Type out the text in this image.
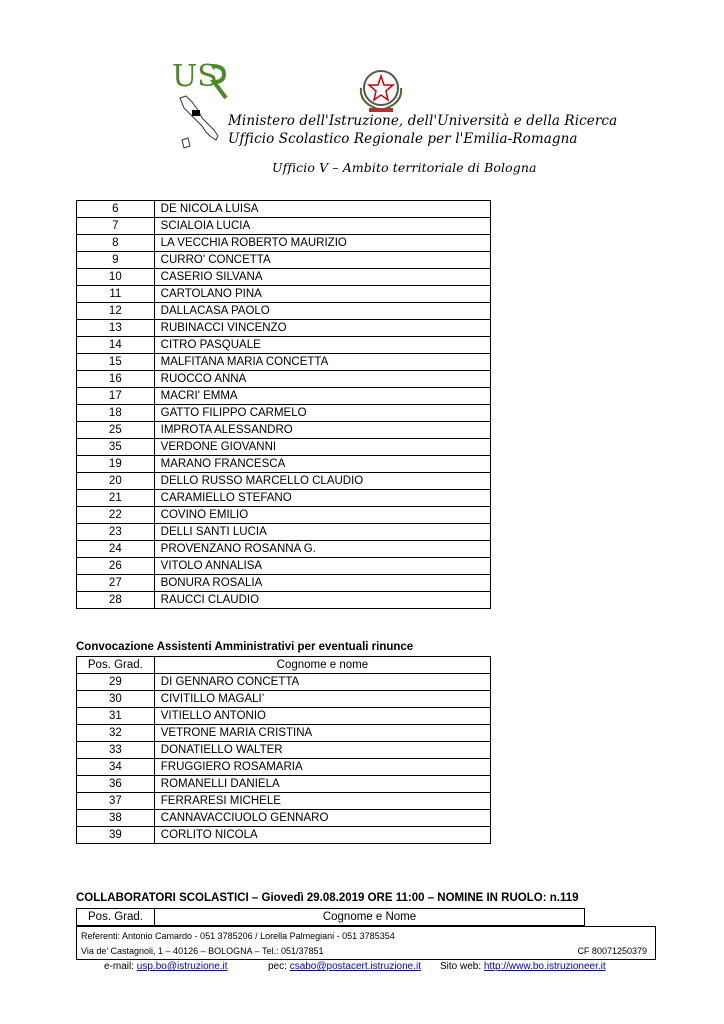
US
Ministero dell'Istruzione, dell'Università e della Ricerca
Ufficio Scolastico Regionale per l'Emilia-Romagna
Ufficio V – Ambito territoriale di Bologna
6	DE NICOLA LUISA
7	SCIALOIA LUCIA
8	LA VECCHIA ROBERTO MAURIZIO
9	CURRO' CONCETTA
10	CASERIO SILVANA
11	CARTOLANO PINA
12	DALLACASA PAOLO
13	RUBINACCI VINCENZO
14	CITRO PASQUALE
15	MALFITANA MARIA CONCETTA
16	RUOCCO ANNA
17	MACRI' EMMA
18	GATTO FILIPPO CARMELO
25	IMPROTA ALESSANDRO
35	VERDONE GIOVANNI
19	MARANO FRANCESCA
20	DELLO RUSSO MARCELLO CLAUDIO
21	CARAMIELLO STEFANO
22	COVINO EMILIO
23	DELLI SANTI LUCIA
24	PROVENZANO ROSANNA G.
26	VITOLO ANNALISA
27	BONURA ROSALIA
28	RAUCCI CLAUDIO
Convocazione Assistenti Amministrativi per eventuali rinunce
Pos. Grad.	Cognome e nome
29	DI GENNARO CONCETTA
30	CIVITILLO MAGALI’
31	VITIELLO ANTONIO
32	VETRONE MARIA CRISTINA
33	DONATIELLO WALTER
34	FRUGGIERO ROSAMARIA
36	ROMANELLI DANIELA
37	FERRARESI MICHELE
38	CANNAVACCIUOLO GENNARO
39	CORLITO NICOLA
COLLABORATORI SCOLASTICI – Giovedì 29.08.2019 ORE 11:00 – NOMINE IN RUOLO: n.119
Pos. Grad.	Cognome e Nome
Referenti: Antonio Camardo - 051 3785206 / Lorella Palmegiani - 051 3785354
Via de’ Castagnoli, 1 – 40126 – BOLOGNA – Tel.: 051/37851	CF 80071250379
e-mail: usp.bo@istruzione.it	pec: csabo@postacert.istruzione.it Sito web: http://www.bo.istruzioneer.it
